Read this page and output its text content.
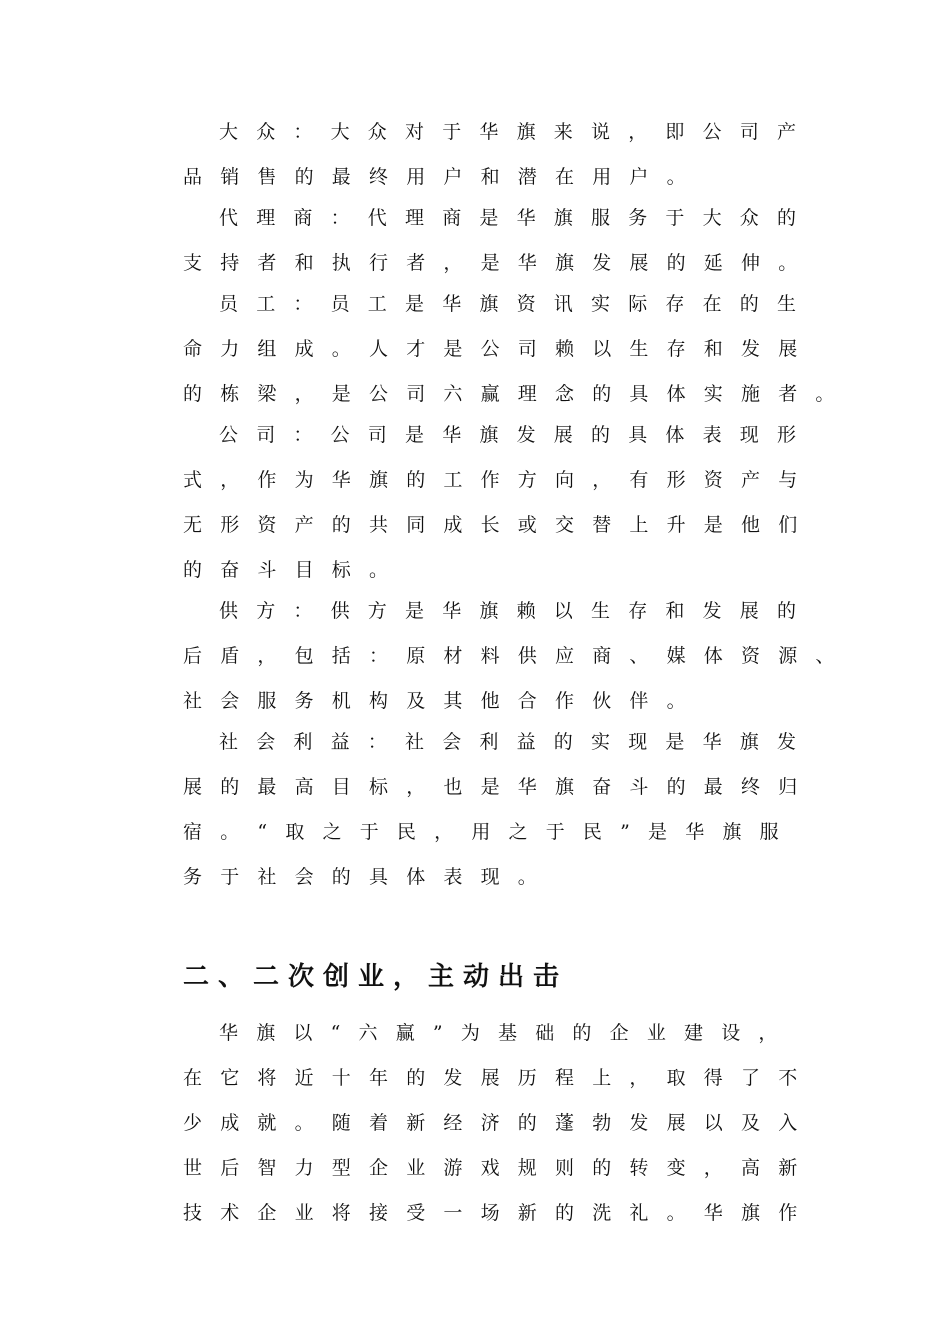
大众：大众对于华旗来说，即公司产
品销售的最终用户和潜在用户。
代理商：代理商是华旗服务于大众的
支持者和执行者，是华旗发展的延伸。
员工：员工是华旗资讯实际存在的生
命力组成。人才是公司赖以生存和发展
的栋梁，是公司六赢理念的具体实施者。
公司：公司是华旗发展的具体表现形
式，作为华旗的工作方向，有形资产与
无形资产的共同成长或交替上升是他们
的奋斗目标。
供方：供方是华旗赖以生存和发展的
后盾，包括：原材料供应商、媒体资源、
社会服务机构及其他合作伙伴。
社会利益：社会利益的实现是华旗发
展的最高目标，也是华旗奋斗的最终归
宿。“取之于民，用之于民”是华旗服
务于社会的具体表现。
二、二次创业，主动出击
华旗以“六赢”为基础的企业建设，
在它将近十年的发展历程上，取得了不
少成就。随着新经济的蓬勃发展以及入
世后智力型企业游戏规则的转变，高新
技术企业将接受一场新的洗礼。华旗作
